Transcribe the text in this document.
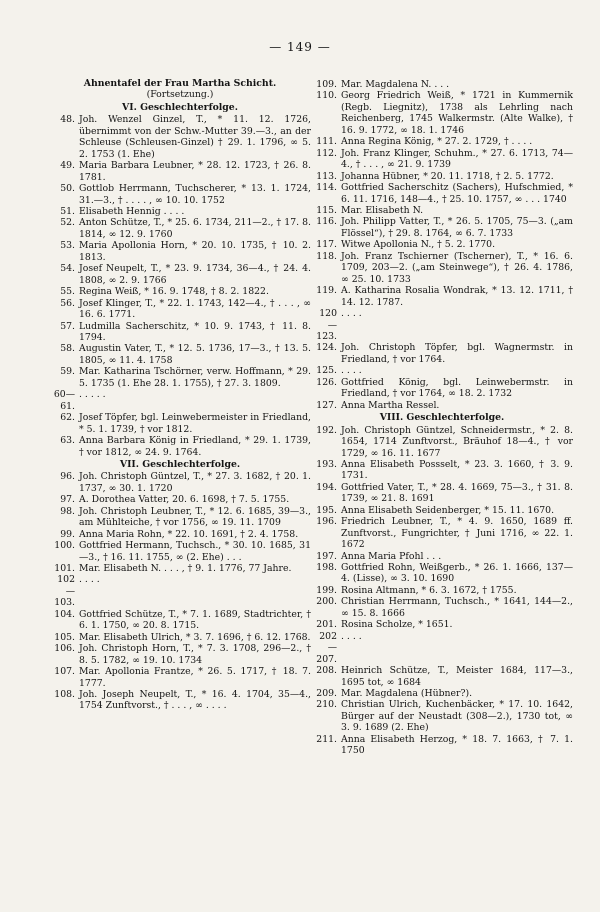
— 149 —
Ahnentafel der Frau Martha Schicht.
(Fortsetzung.)
VI. Geschlechterfolge.
48. Joh. Wenzel Ginzel, T., * 11. 12. 1726, übernimmt von der Schw.-Mutter 39.—3., an der Schleuse (Schleusen-Ginzel) † 29. 1. 1796, ∞ 5. 2. 1753 (1. Ehe)
49. Maria Barbara Leubner, * 28. 12. 1723, † 26. 8. 1781.
50. Gottlob Herrmann, Tuchscherer, * 13. 1. 1724, 31.—3., † . . . . , ∞ 10. 10. 1752
51. Elisabeth Hennig . . . .
52. Anton Schütze, T., * 25. 6. 1734, 211—2., † 17. 8. 1814, ∞ 12. 9. 1760
53. Maria Apollonia Horn, * 20. 10. 1735, † 10. 2. 1813.
54. Josef Neupelt, T., * 23. 9. 1734, 36—4., † 24. 4. 1808, ∞ 2. 9. 1766
55. Regina Weiß, * 16. 9. 1748, † 8. 2. 1822.
56. Josef Klinger, T., * 22. 1. 1743, 142—4., † . . . , ∞ 16. 6. 1771.
57. Ludmilla Sacherschitz, * 10. 9. 1743, † 11. 8. 1794.
58. Augustin Vater, T., * 12. 5. 1736, 17—3., † 13. 5. 1805, ∞ 11. 4. 1758
59. Mar. Katharina Tschörner, verw. Hoffmann, * 29. 5. 1735 (1. Ehe 28. 1. 1755), † 27. 3. 1809.
60—61.
. . . . .
62. Josef Töpfer, bgl. Leinwebermeister in Friedland, * 5. 1. 1739, † vor 1812.
63. Anna Barbara König in Friedland, * 29. 1. 1739, † vor 1812, ∞ 24. 9. 1764.
VII. Geschlechterfolge.
96. Joh. Christoph Güntzel, T., * 27. 3. 1682, † 20. 1. 1737, ∞ 30. 1. 1720
97. A. Dorothea Vatter, 20. 6. 1698, † 7. 5. 1755.
98. Joh. Christoph Leubner, T., * 12. 6. 1685, 39—3., am Mühlteiche, † vor 1756, ∞ 19. 11. 1709
99. Anna Maria Rohn, * 22. 10. 1691, † 2. 4. 1758.
100. Gottfried Hermann, Tuchsch., * 30. 10. 1685, 31—3., † 16. 11. 1755, ∞ (2. Ehe) . . .
101. Mar. Elisabeth N. . . . , † 9. 1. 1776, 77 Jahre.
102—103.
. . . .
104. Gottfried Schütze, T., * 7. 1. 1689, Stadtrichter, † 6. 1. 1750, ∞ 20. 8. 1715.
105. Mar. Elisabeth Ulrich, * 3. 7. 1696, † 6. 12. 1768.
106. Joh. Christoph Horn, T., * 7. 3. 1708, 296—2., † 8. 5. 1782, ∞ 19. 10. 1734
107. Mar. Apollonia Frantze, * 26. 5. 1717, † 18. 7. 1777.
108. Joh. Joseph Neupelt, T., * 16. 4. 1704, 35—4., 1754 Zunftvorst., † . . . , ∞ . . . .
109. Mar. Magdalena N. . . .
110. Georg Friedrich Weiß, * 1721 in Kummernik (Regb. Liegnitz), 1738 als Lehrling nach Reichenberg, 1745 Walkermstr. (Alte Walke), † 16. 9. 1772, ∞ 18. 1. 1746
111. Anna Regina König, * 27. 2. 1729, † . . . .
112. Joh. Franz Klinger, Schuhm., * 27. 6. 1713, 74—4., † . . . , ∞ 21. 9. 1739
113. Johanna Hübner, * 20. 11. 1718, † 2. 5. 1772.
114. Gottfried Sacherschitz (Sachers), Hufschmied, * 6. 11. 1716, 148—4., † 25. 10. 1757, ∞ . . . 1740
115. Mar. Elisabeth N.
116. Joh. Philipp Vatter, T., * 26. 5. 1705, 75—3. („am Flössel“), † 29. 8. 1764, ∞ 6. 7. 1733
117. Witwe Apollonia N., † 5. 2. 1770.
118. Joh. Franz Tschierner (Tscherner), T., * 16. 6. 1709, 203—2. („am Steinwege“), † 26. 4. 1786, ∞ 25. 10. 1733
119. A. Katharina Rosalia Wondrak, * 13. 12. 1711, † 14. 12. 1787.
120—123.
. . . .
124. Joh. Christoph Töpfer, bgl. Wagnermstr. in Friedland, † vor 1764.
125. . . . .
126. Gottfried König, bgl. Leinwebermstr. in Friedland, † vor 1764, ∞ 18. 2. 1732
127. Anna Martha Ressel.
VIII. Geschlechterfolge.
192. Joh. Christoph Güntzel, Schneidermstr., * 2. 8. 1654, 1714 Zunftvorst., Bräuhof 18—4., † vor 1729, ∞ 16. 11. 1677
193. Anna Elisabeth Possselt, * 23. 3. 1660, † 3. 9. 1731.
194. Gottfried Vater, T., * 28. 4. 1669, 75—3., † 31. 8. 1739, ∞ 21. 8. 1691
195. Anna Elisabeth Seidenberger, * 15. 11. 1670.
196. Friedrich Leubner, T., * 4. 9. 1650, 1689 ff. Zunftvorst., Fungrichter, † Juni 1716, ∞ 22. 1. 1672
197. Anna Maria Pfohl . . .
198. Gottfried Rohn, Weißgerb., * 26. 1. 1666, 137—4. (Lisse), ∞ 3. 10. 1690
199. Rosina Altmann, * 6. 3. 1672, † 1755.
200. Christian Herrmann, Tuchsch., * 1641, 144—2., ∞ 15. 8. 1666
201. Rosina Scholze, * 1651.
202—207.
. . . .
208. Heinrich Schütze, T., Meister 1684, 117—3., 1695 tot, ∞ 1684
209. Mar. Magdalena (Hübner?).
210. Christian Ulrich, Kuchenbäcker, * 17. 10. 1642, Bürger auf der Neustadt (308—2.), 1730 tot, ∞ 3. 9. 1689 (2. Ehe)
211. Anna Elisabeth Herzog, * 18. 7. 1663, † 7. 1. 1750
